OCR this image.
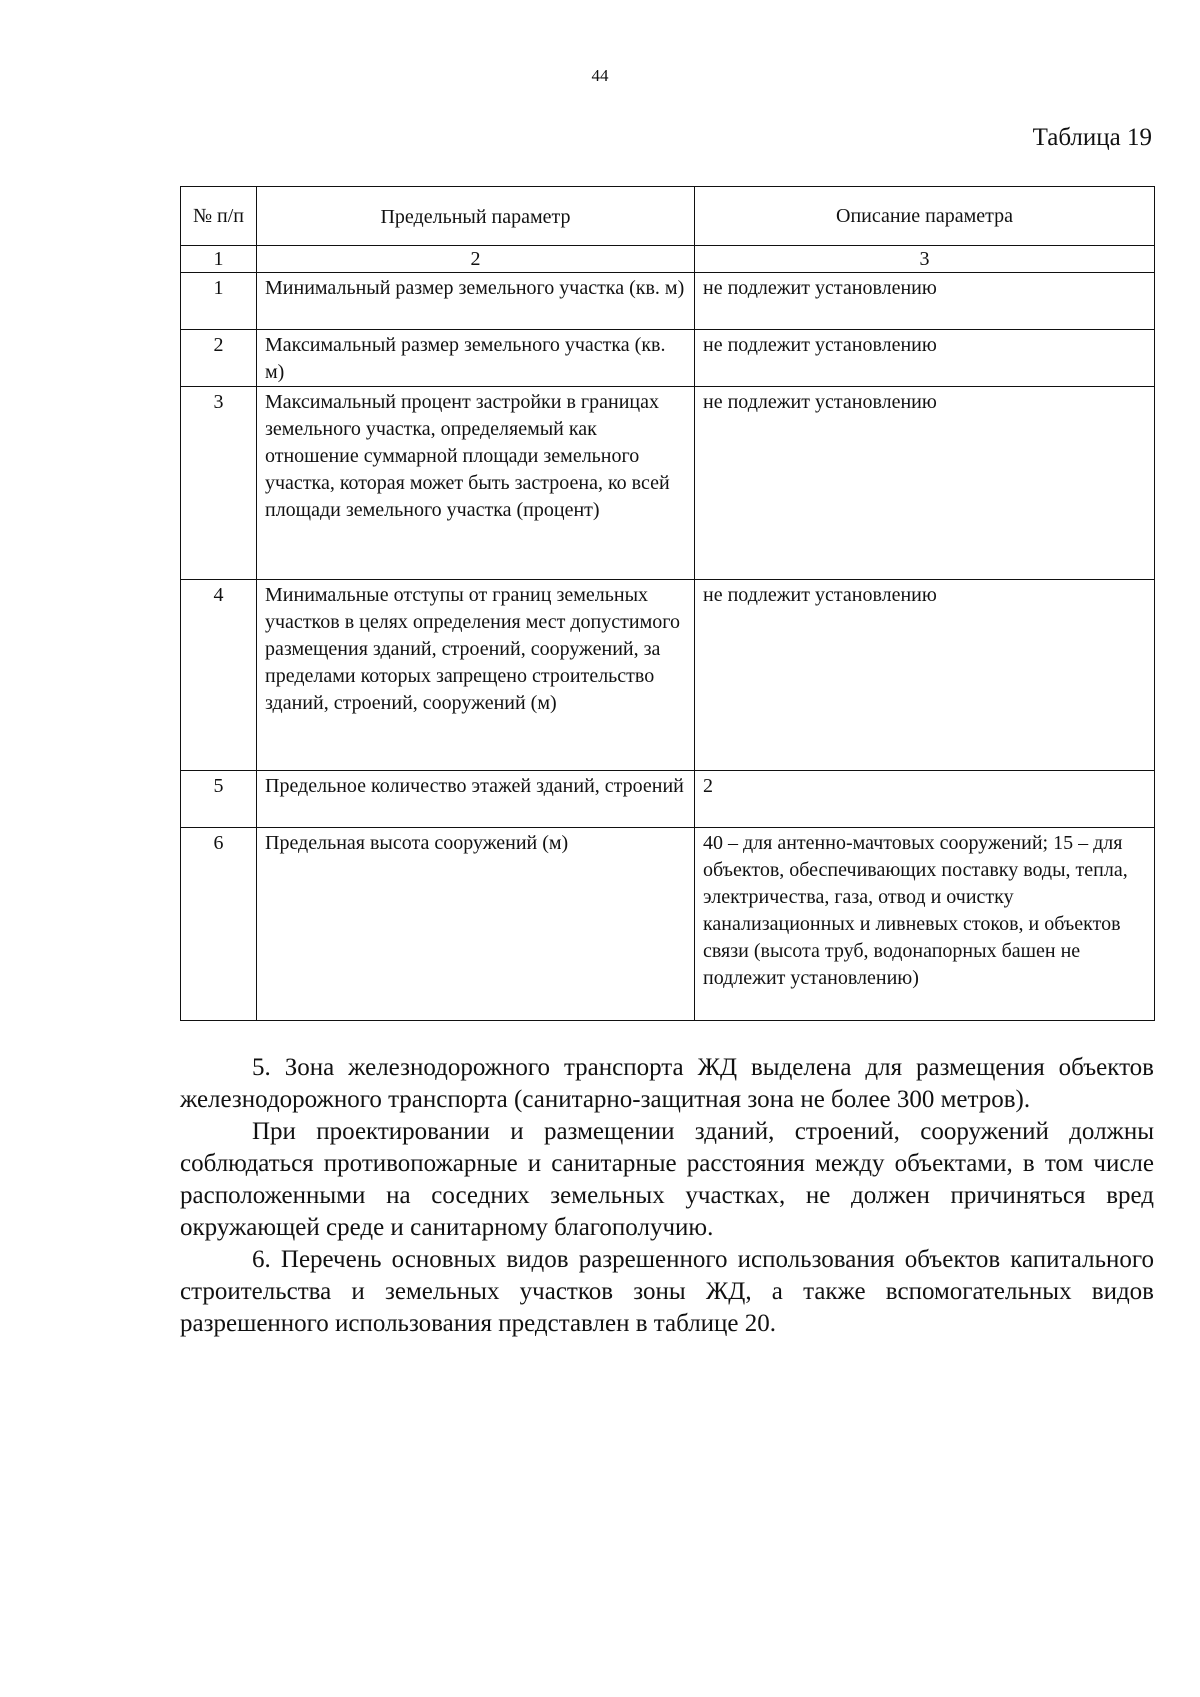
44
Таблица 19
№ п/п	Предельный параметр	Описание параметра
1	2	3

1	Минимальный размер земельного участка (кв. м)	не подлежит установлению

2	Максимальный размер земельного участка (кв. м)	не подлежит установлению

3	Максимальный процент застройки в границах земельного участка, определяемый как отношение суммарной площади земельного участка, которая может быть застроена, ко всей площади земельного участка (процент)	не подлежит установлению

4	Минимальные отступы от границ земельных участков в целях определения мест допустимого размещения зданий, строений, сооружений, за пределами которых запрещено строительство зданий, строений, сооружений (м)	не подлежит установлению

5	Предельное количество этажей зданий, строений	2

6	Предельная высота сооружений (м)	40 – для антенно-мачтовых сооружений; 15 – для объектов, обеспечивающих поставку воды, тепла, электричества, газа, отвод и очистку канализационных и ливневых стоков, и объектов связи (высота труб, водонапорных башен не подлежит установлению)

5. Зона железнодорожного транспорта ЖД выделена для размещения объектов железнодорожного транспорта (санитарно-защитная зона не более 300 метров).

При проектировании и размещении зданий, строений, сооружений должны соблюдаться противопожарные и санитарные расстояния между объектами, в том числе расположенными на соседних земельных участках, не должен причиняться вред окружающей среде и санитарному благополучию.

6. Перечень основных видов разрешенного использования объектов капитального строительства и земельных участков зоны ЖД, а также вспомогательных видов разрешенного использования представлен в таблице 20.
